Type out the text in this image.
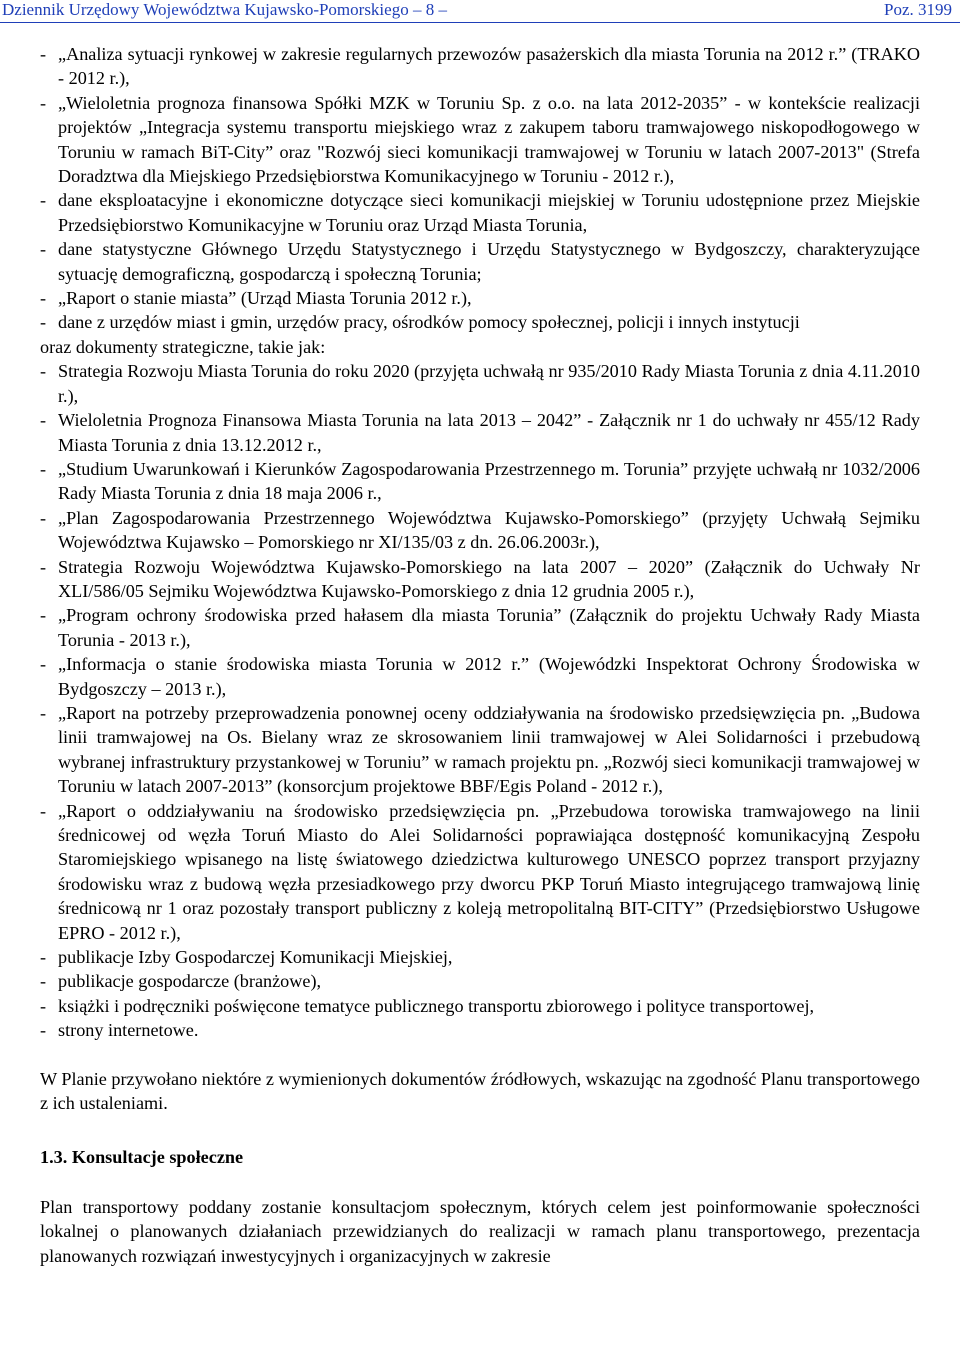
Dziennik Urzędowy Województwa Kujawsko-Pomorskiego – 8 –	Poz. 3199
- „Analiza sytuacji rynkowej w zakresie regularnych przewozów pasażerskich dla miasta Torunia na 2012 r.” (TRAKO - 2012 r.),
- „Wieloletnia prognoza finansowa Spółki MZK w Toruniu Sp. z o.o. na lata 2012-2035” - w kontekście realizacji projektów „Integracja systemu transportu miejskiego wraz z zakupem taboru tramwajowego niskopodłogowego w Toruniu w ramach BiT-City” oraz "Rozwój sieci komunikacji tramwajowej w Toruniu w latach 2007-2013" (Strefa Doradztwa dla Miejskiego Przedsiębiorstwa Komunikacyjnego w Toruniu - 2012 r.),
- dane eksploatacyjne i ekonomiczne dotyczące sieci komunikacji miejskiej w Toruniu udostępnione przez Miejskie Przedsiębiorstwo Komunikacyjne w Toruniu oraz Urząd Miasta Torunia,
- dane statystyczne Głównego Urzędu Statystycznego i Urzędu Statystycznego w Bydgoszczy, charakteryzujące sytuację demograficzną, gospodarczą i społeczną Torunia;
- „Raport o stanie miasta” (Urząd Miasta Torunia 2012 r.),
- dane z urzędów miast i gmin, urzędów pracy, ośrodków pomocy społecznej, policji i innych instytucji
oraz dokumenty strategiczne, takie jak:
- Strategia Rozwoju Miasta Torunia do roku 2020 (przyjęta uchwałą nr 935/2010 Rady Miasta Torunia z dnia 4.11.2010 r.),
- Wieloletnia Prognoza Finansowa Miasta Torunia na lata 2013 – 2042” - Załącznik nr 1 do uchwały nr 455/12 Rady Miasta Torunia z dnia 13.12.2012 r.,
- „Studium Uwarunkowań i Kierunków Zagospodarowania Przestrzennego m. Torunia” przyjęte uchwałą nr 1032/2006 Rady Miasta Torunia z dnia 18 maja 2006 r.,
- „Plan Zagospodarowania Przestrzennego Województwa Kujawsko-Pomorskiego” (przyjęty Uchwałą Sejmiku Województwa Kujawsko – Pomorskiego nr XI/135/03 z dn. 26.06.2003r.),
- Strategia Rozwoju Województwa Kujawsko-Pomorskiego na lata 2007 – 2020” (Załącznik do Uchwały Nr XLI/586/05 Sejmiku Województwa Kujawsko-Pomorskiego z dnia 12 grudnia 2005 r.),
- „Program ochrony środowiska przed hałasem dla miasta Torunia” (Załącznik do projektu Uchwały Rady Miasta Torunia - 2013 r.),
- „Informacja o stanie środowiska miasta Torunia w 2012 r.” (Wojewódzki Inspektorat Ochrony Środowiska w Bydgoszczy – 2013 r.),
- „Raport na potrzeby przeprowadzenia ponownej oceny oddziaływania na środowisko przedsięwzięcia pn. „Budowa linii tramwajowej na Os. Bielany wraz ze skrosowaniem linii tramwajowej w Alei Solidarności i przebudową wybranej infrastruktury przystankowej w Toruniu” w ramach projektu pn. „Rozwój sieci komunikacji tramwajowej w Toruniu w latach 2007-2013” (konsorcjum projektowe BBF/Egis Poland - 2012 r.),
- „Raport o oddziaływaniu na środowisko przedsięwzięcia pn. „Przebudowa torowiska tramwajowego na linii średnicowej od węzła Toruń Miasto do Alei Solidarności poprawiająca dostępność komunikacyjną Zespołu Staromiejskiego wpisanego na listę światowego dziedzictwa kulturowego UNESCO poprzez transport przyjazny środowisku wraz z budową węzła przesiadkowego przy dworcu PKP Toruń Miasto integrującego tramwajową linię średnicową nr 1 oraz pozostały transport publiczny z koleją metropolitalną BIT-CITY” (Przedsiębiorstwo Usługowe EPRO - 2012 r.),
- publikacje Izby Gospodarczej Komunikacji Miejskiej,
- publikacje gospodarcze (branżowe),
- książki i podręczniki poświęcone tematyce publicznego transportu zbiorowego i polityce transportowej,
- strony internetowe.
W Planie przywołano niektóre z wymienionych dokumentów źródłowych, wskazując na zgodność Planu transportowego z ich ustaleniami.
1.3. Konsultacje społeczne
Plan transportowy poddany zostanie konsultacjom społecznym, których celem jest poinformowanie społeczności lokalnej o planowanych działaniach przewidzianych do realizacji w ramach planu transportowego, prezentacja planowanych rozwiązań inwestycyjnych i organizacyjnych w zakresie
